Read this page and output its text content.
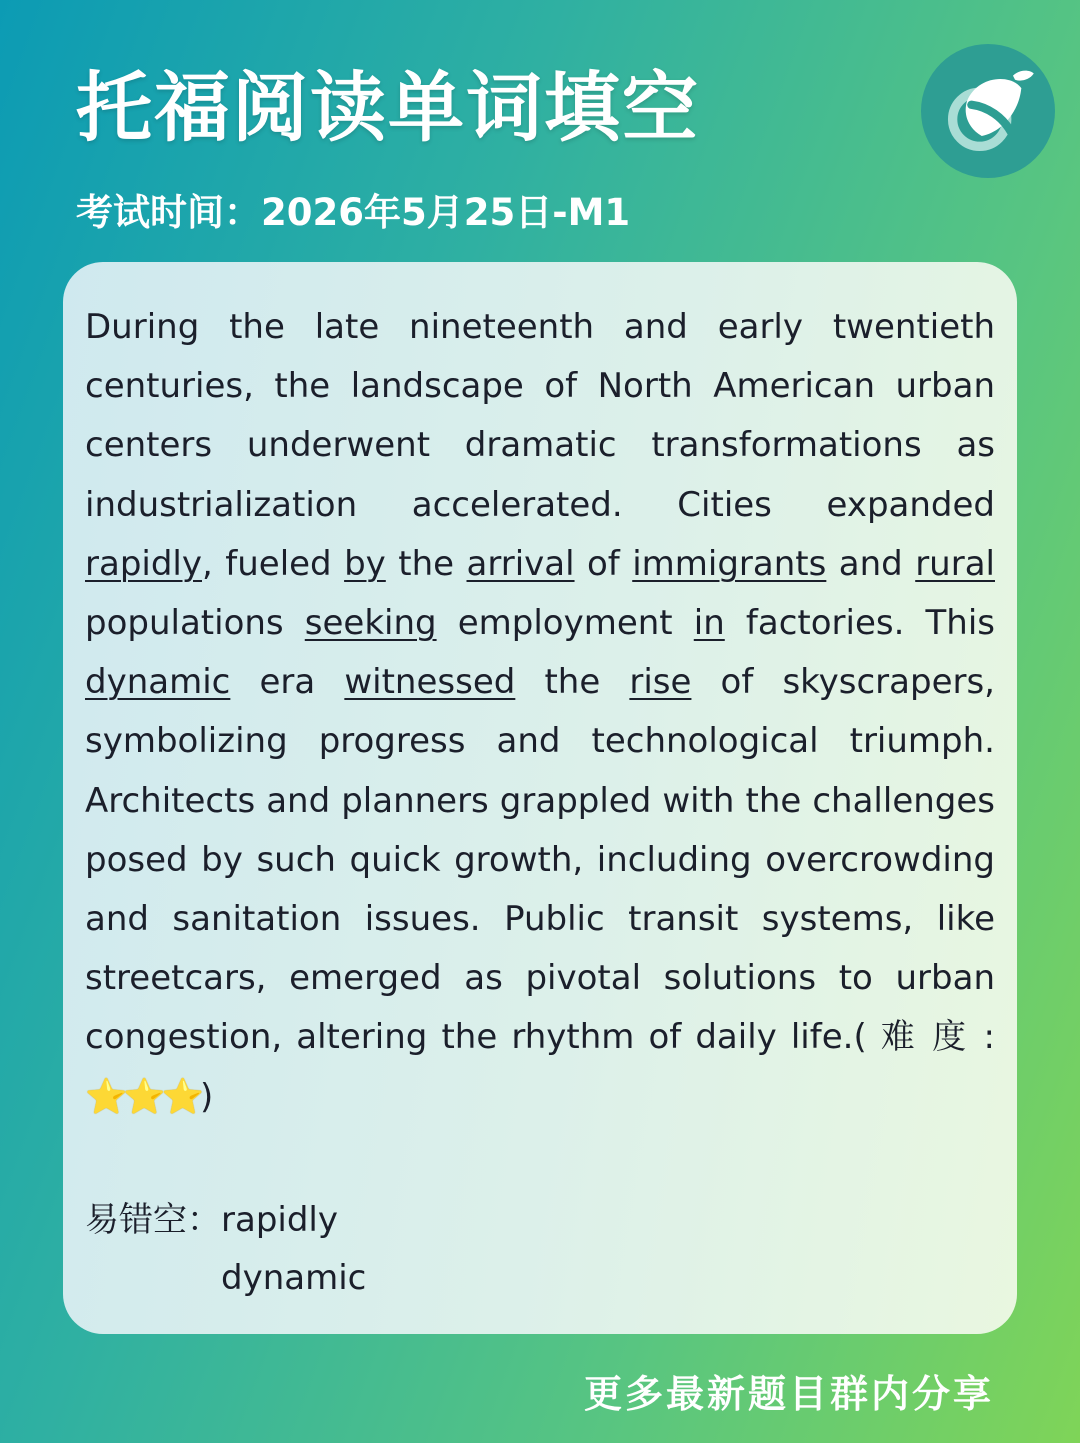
托福阅读单词填空
考试时间：2026年5月25日-M1

During the late nineteenth and early twentieth centuries, the landscape of North American urban centers underwent dramatic transformations as industrialization accelerated. Cities expanded rapidly, fueled by the arrival of immigrants and rural populations seeking employment in factories. This dynamic era witnessed the rise of skyscrapers, symbolizing progress and technological triumph. Architects and planners grappled with the challenges posed by such quick growth, including overcrowding and sanitation issues. Public transit systems, like streetcars, emerged as pivotal solutions to urban congestion, altering the rhythm of daily life.( 难 度 : ⭐⭐⭐)

易错空： rapidly
dynamic
更多最新题目群内分享
